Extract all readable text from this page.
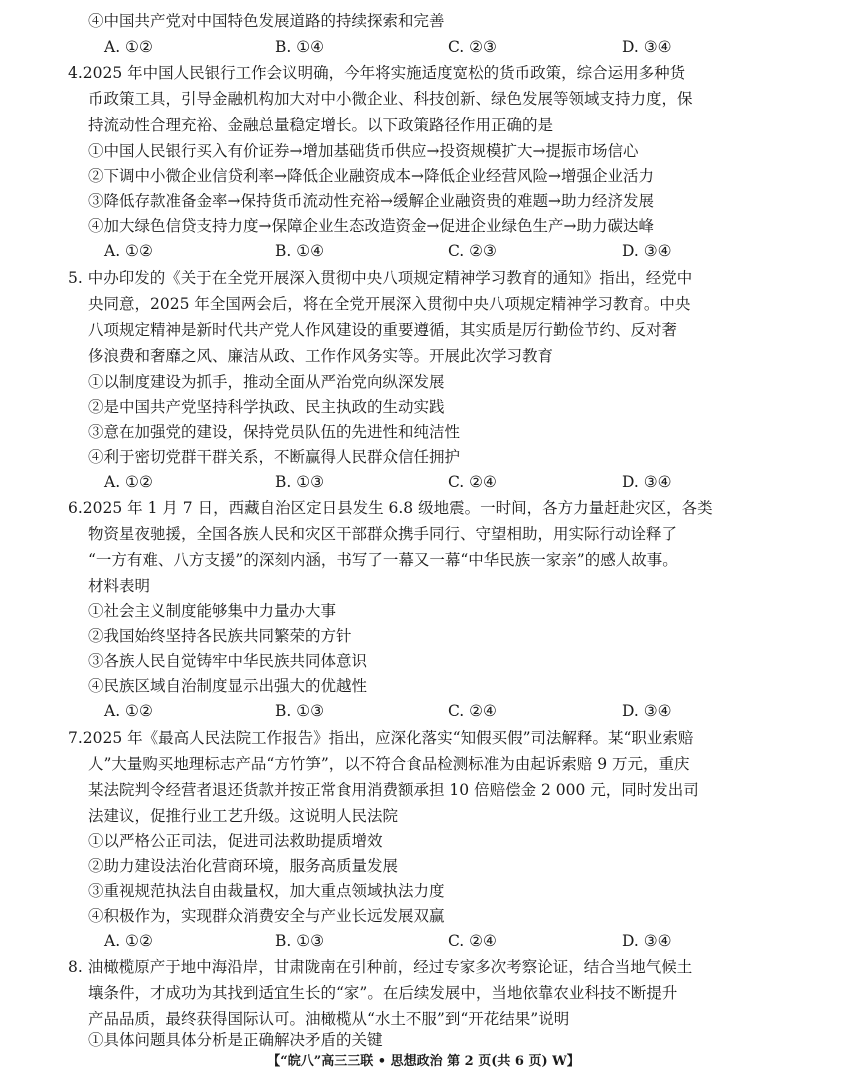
④中国共产党对中国特色发展道路的持续探索和完善
A. ①②	B. ①④	C. ②③	D. ③④
4.2025 年中国人民银行工作会议明确，今年将实施适度宽松的货币政策，综合运用多种货
币政策工具，引导金融机构加大对中小微企业、科技创新、绿色发展等领域支持力度，保
持流动性合理充裕、金融总量稳定增长。以下政策路径作用正确的是
①中国人民银行买入有价证券→增加基础货币供应→投资规模扩大→提振市场信心
②下调中小微企业信贷利率→降低企业融资成本→降低企业经营风险→增强企业活力
③降低存款准备金率→保持货币流动性充裕→缓解企业融资贵的难题→助力经济发展
④加大绿色信贷支持力度→保障企业生态改造资金→促进企业绿色生产→助力碳达峰
A. ①②	B. ①④	C. ②③	D. ③④
5. 中办印发的《关于在全党开展深入贯彻中央八项规定精神学习教育的通知》指出，经党中
央同意，2025 年全国两会后，将在全党开展深入贯彻中央八项规定精神学习教育。中央
八项规定精神是新时代共产党人作风建设的重要遵循，其实质是厉行勤俭节约、反对奢
侈浪费和奢靡之风、廉洁从政、工作作风务实等。开展此次学习教育
①以制度建设为抓手，推动全面从严治党向纵深发展
②是中国共产党坚持科学执政、民主执政的生动实践
③意在加强党的建设，保持党员队伍的先进性和纯洁性
④利于密切党群干群关系，不断赢得人民群众信任拥护
A. ①②	B. ①③	C. ②④	D. ③④
6.2025 年 1 月 7 日，西藏自治区定日县发生 6.8 级地震。一时间，各方力量赶赴灾区，各类
物资星夜驰援，全国各族人民和灾区干部群众携手同行、守望相助，用实际行动诠释了
“一方有难、八方支援”的深刻内涵，书写了一幕又一幕“中华民族一家亲”的感人故事。
材料表明
①社会主义制度能够集中力量办大事
②我国始终坚持各民族共同繁荣的方针
③各族人民自觉铸牢中华民族共同体意识
④民族区域自治制度显示出强大的优越性
A. ①②	B. ①③	C. ②④	D. ③④
7.2025 年《最高人民法院工作报告》指出，应深化落实“知假买假”司法解释。某“职业索赔
人”大量购买地理标志产品“方竹笋”，以不符合食品检测标准为由起诉索赔 9 万元，重庆
某法院判令经营者退还货款并按正常食用消费额承担 10 倍赔偿金 2 000 元，同时发出司
法建议，促推行业工艺升级。这说明人民法院
①以严格公正司法，促进司法救助提质增效
②助力建设法治化营商环境，服务高质量发展
③重视规范执法自由裁量权，加大重点领域执法力度
④积极作为，实现群众消费安全与产业长远发展双赢
A. ①②	B. ①③	C. ②④	D. ③④
8. 油橄榄原产于地中海沿岸，甘肃陇南在引种前，经过专家多次考察论证，结合当地气候土
壤条件，才成功为其找到适宜生长的“家”。在后续发展中，当地依靠农业科技不断提升
产品品质，最终获得国际认可。油橄榄从“水土不服”到“开花结果”说明
①具体问题具体分析是正确解决矛盾的关键
【“皖八”高三三联 • 思想政治 第 2 页(共 6 页) W】
